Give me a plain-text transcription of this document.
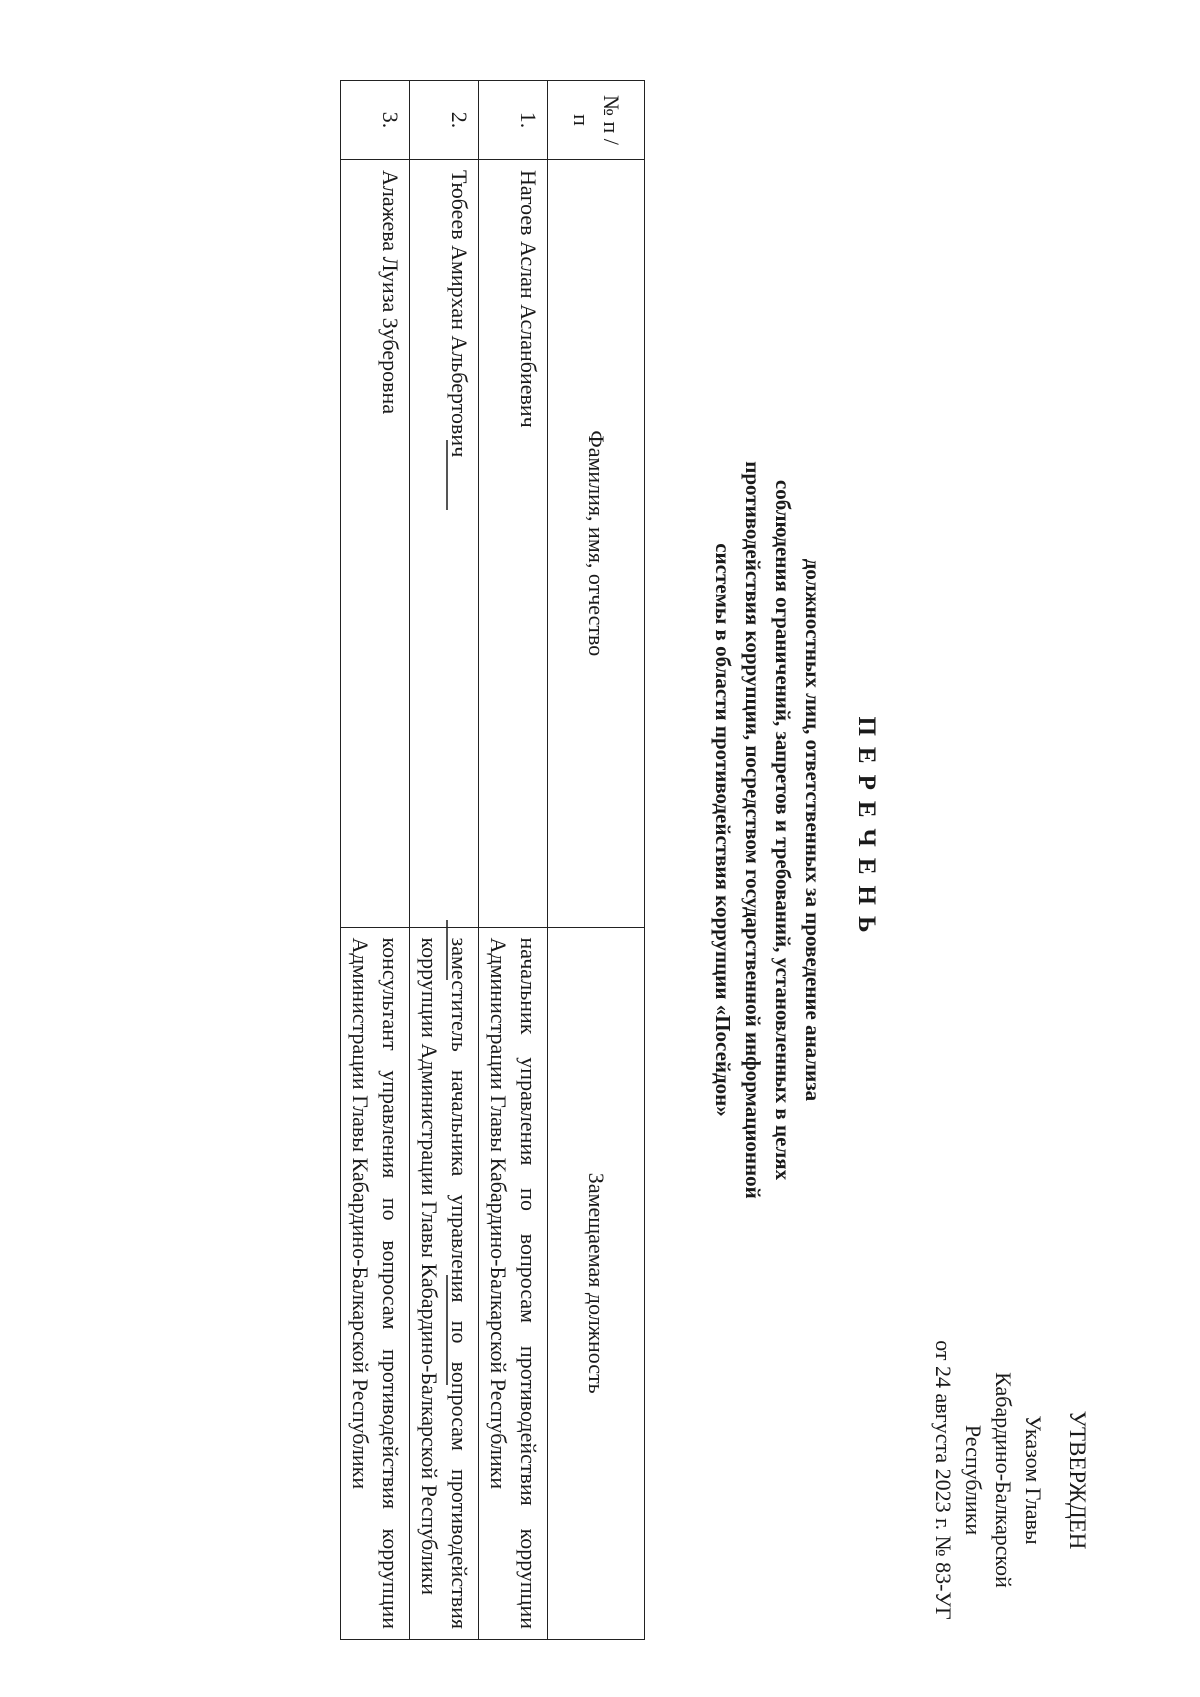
УТВЕРЖДЕН
Указом Главы
Кабардино-Балкарской Республики
от 24 августа 2023 г. № 83-УГ
ПЕРЕЧЕНЬ
должностных лиц, ответственных за проведение анализа
соблюдения ограничений, запретов и требований, установленных в целях
противодействия коррупции, посредством государственной информационной
системы в области противодействия коррупции «Посейдон»
№ п /п	Фамилия, имя, отчество	Замещаемая должность
1.	Нагоев Аслан Асланбиевич	начальник управления по вопросам противодействия коррупции Администрации Главы Кабардино-Балкарской Республики
2.	Тюбеев Амирхан Альбертович	заместитель начальника управления по вопросам противодействия коррупции Администрации Главы Кабардино-Балкарской Республики
3.	Алажева Луиза Зуберовна	консультант управления по вопросам противодействия коррупции Администрации Главы Кабардино-Балкарской Республики
